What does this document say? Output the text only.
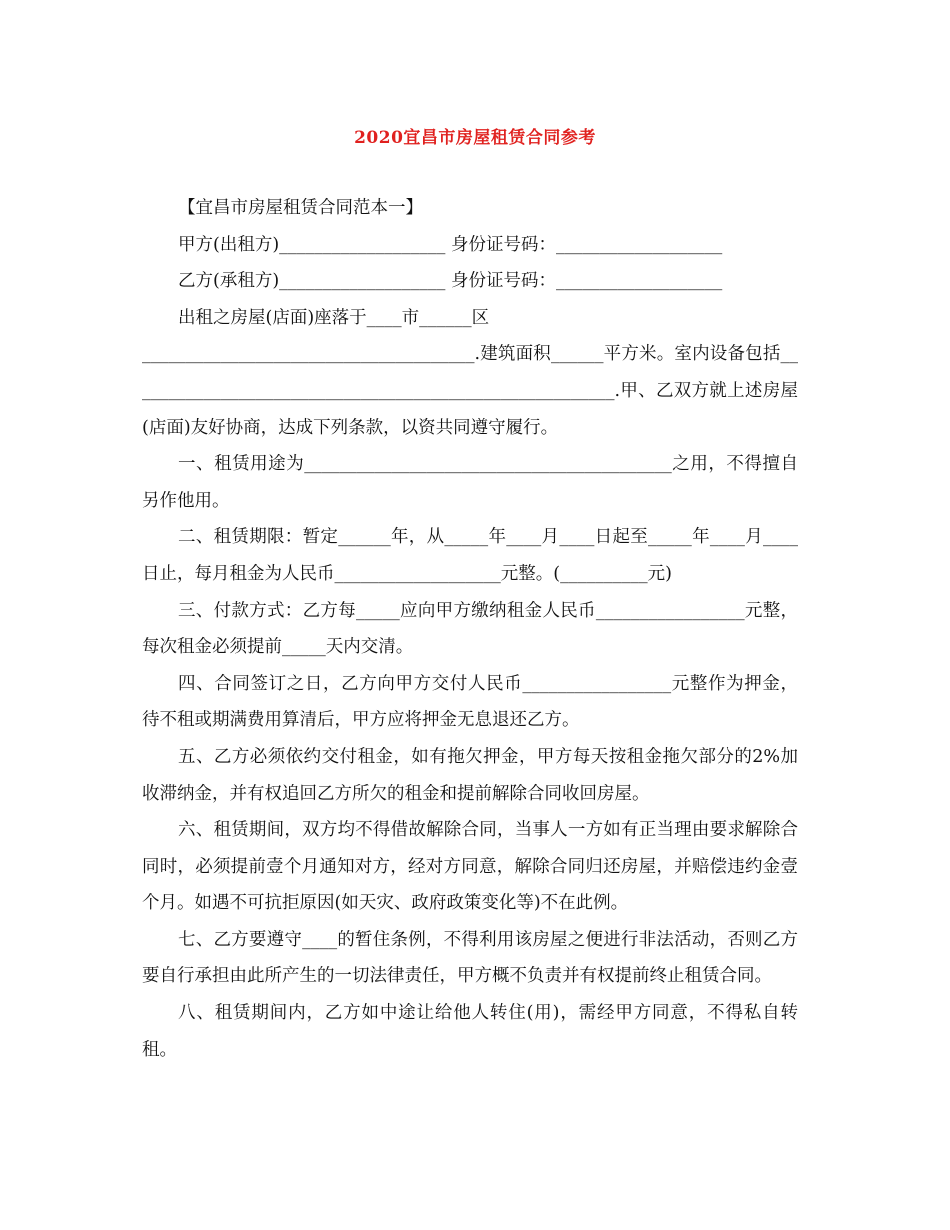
2020宜昌市房屋租赁合同参考

【宜昌市房屋租赁合同范本一】

甲方(出租方)___________________ 身份证号码：___________________

乙方(承租方)___________________ 身份证号码：___________________

出租之房屋(店面)座落于____市______区

______________________________________.建筑面积______平方米。室内设备包括________________________________________________________.甲、乙双方就上述房屋(店面)友好协商，达成下列条款，以资共同遵守履行。

一、租赁用途为__________________________________________之用，不得擅自另作他用。

二、租赁期限：暂定______年，从_____年____月____日起至_____年____月____日止，每月租金为人民币___________________元整。(__________元)

三、付款方式：乙方每_____应向甲方缴纳租金人民币_________________元整，每次租金必须提前_____天内交清。

四、合同签订之日，乙方向甲方交付人民币_________________元整作为押金，待不租或期满费用算清后，甲方应将押金无息退还乙方。

五、乙方必须依约交付租金，如有拖欠押金，甲方每天按租金拖欠部分的2%加收滞纳金，并有权追回乙方所欠的租金和提前解除合同收回房屋。

六、租赁期间，双方均不得借故解除合同，当事人一方如有正当理由要求解除合同时，必须提前壹个月通知对方，经对方同意，解除合同归还房屋，并赔偿违约金壹个月。如遇不可抗拒原因(如天灾、政府政策变化等)不在此例。

七、乙方要遵守____的暂住条例，不得利用该房屋之便进行非法活动，否则乙方要自行承担由此所产生的一切法律责任，甲方概不负责并有权提前终止租赁合同。

八、租赁期间内，乙方如中途让给他人转住(用)，需经甲方同意，不得私自转租。
